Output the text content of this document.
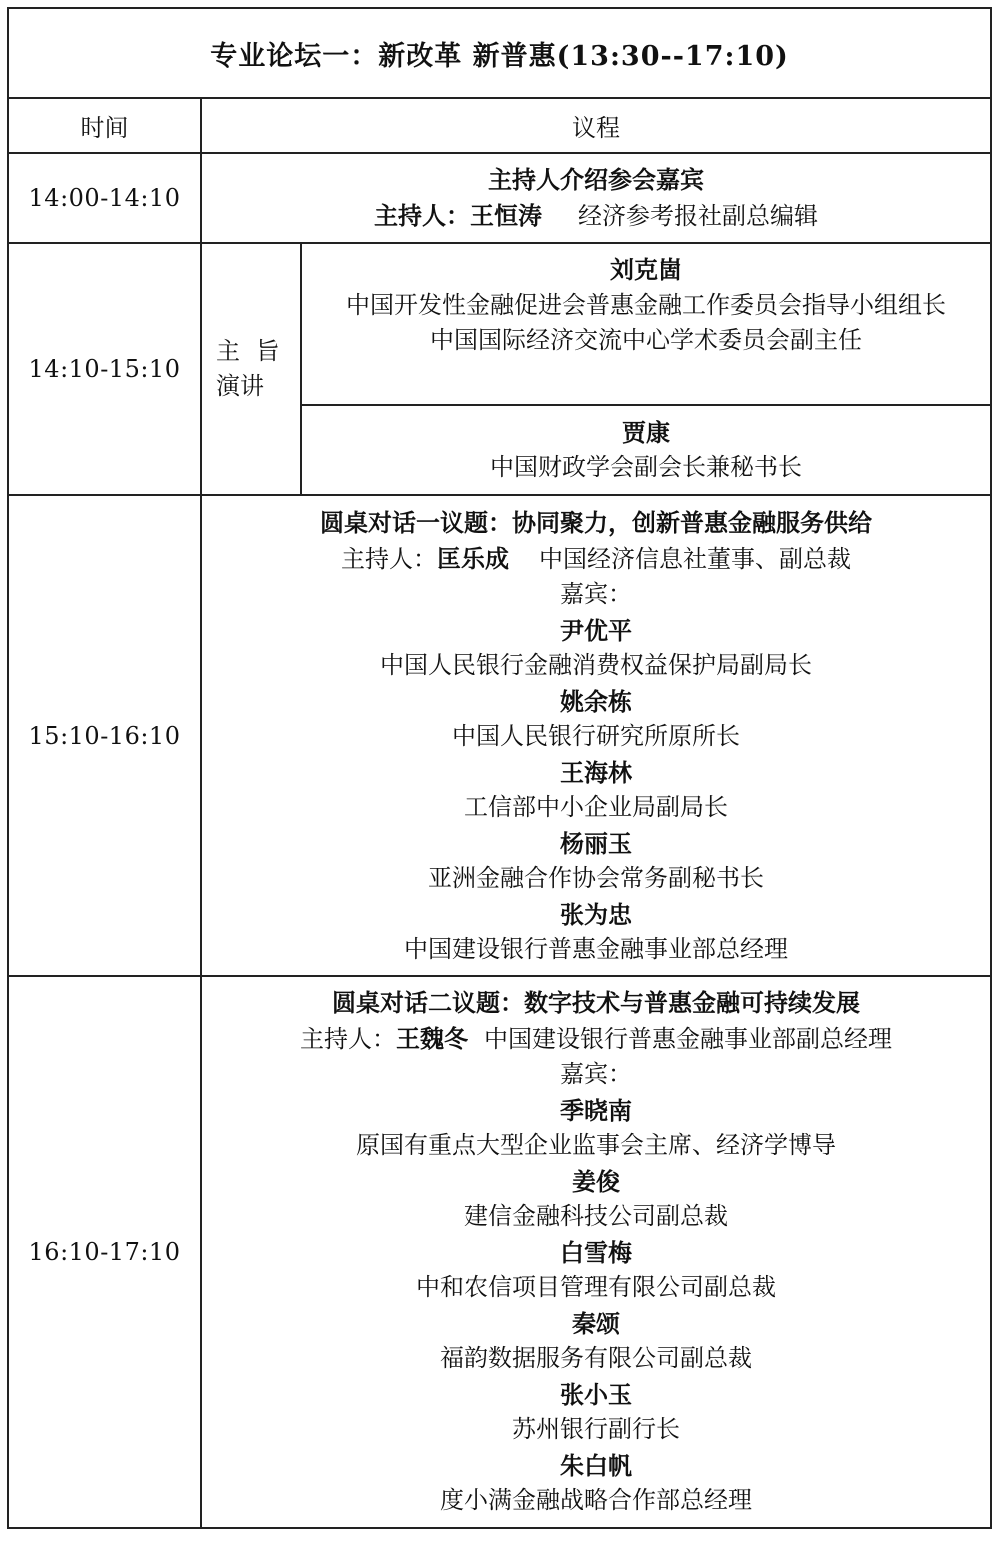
专业论坛一：新改革 新普惠(13:30--17:10)
时间	议程
14:00-14:10
主持人介绍参会嘉宾
主持人：王恒涛 经济参考报社副总编辑
14:10-15:10
主 旨
演讲
刘克崮
中国开发性金融促进会普惠金融工作委员会指导小组组长
中国国际经济交流中心学术委员会副主任
贾康
中国财政学会副会长兼秘书长
15:10-16:10
圆桌对话一议题：协同聚力，创新普惠金融服务供给
主持人：匡乐成 中国经济信息社董事、副总裁
嘉宾：
尹优平
中国人民银行金融消费权益保护局副局长
姚余栋
中国人民银行研究所原所长
王海林
工信部中小企业局副局长
杨丽玉
亚洲金融合作协会常务副秘书长
张为忠
中国建设银行普惠金融事业部总经理
16:10-17:10
圆桌对话二议题：数字技术与普惠金融可持续发展
主持人：王魏冬 中国建设银行普惠金融事业部副总经理
嘉宾：
季晓南
原国有重点大型企业监事会主席、经济学博导
姜俊
建信金融科技公司副总裁
白雪梅
中和农信项目管理有限公司副总裁
秦颂
福韵数据服务有限公司副总裁
张小玉
苏州银行副行长
朱白帆
度小满金融战略合作部总经理
